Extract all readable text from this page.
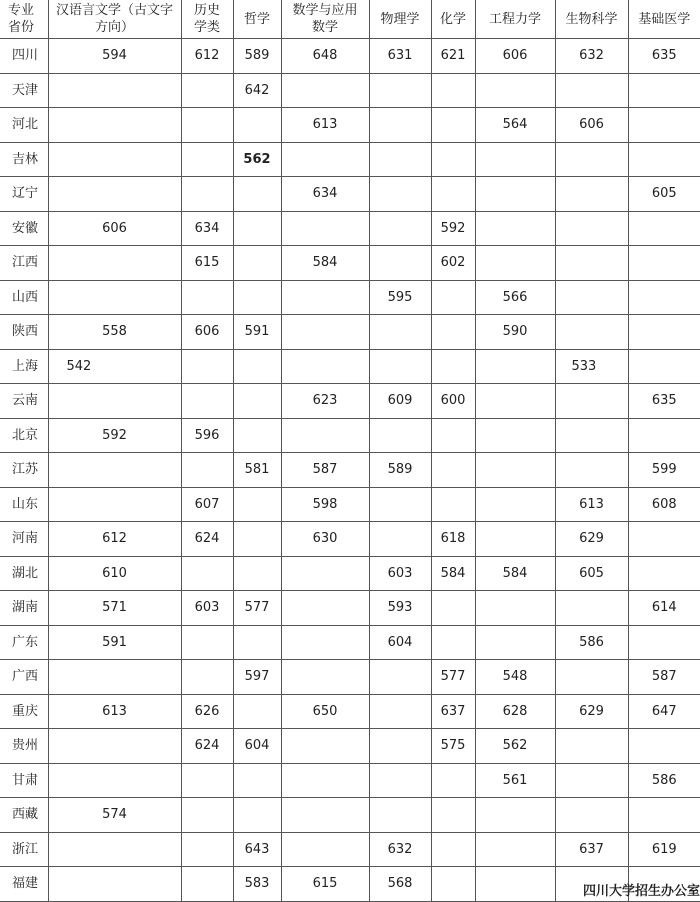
专业
省份	汉语言文学（古文字
方向）	历史
学类	哲学	数学与应用
数学	物理学	化学	工程力学	生物科学	基础医学
四川	594	612	589	648	631	621	606	632	635
天津			642						
河北				613			564	606	
吉林			562						
辽宁				634					605
安徽	606	634				592			
江西		615		584		602			
山西					595		566		
陕西	558	606	591				590		
上海	542							533	
云南				623	609	600			635
北京	592	596							
江苏			581	587	589				599
山东		607		598				613	608
河南	612	624		630		618		629	
湖北	610				603	584	584	605	
湖南	571	603	577		593				614
广东	591				604			586	
广西			597			577	548		587
重庆	613	626		650		637	628	629	647
贵州		624	604			575	562		
甘肃							561		586
西藏	574								
浙江			643		632			637	619
福建			583	615	568				
四川大学招生办公室
